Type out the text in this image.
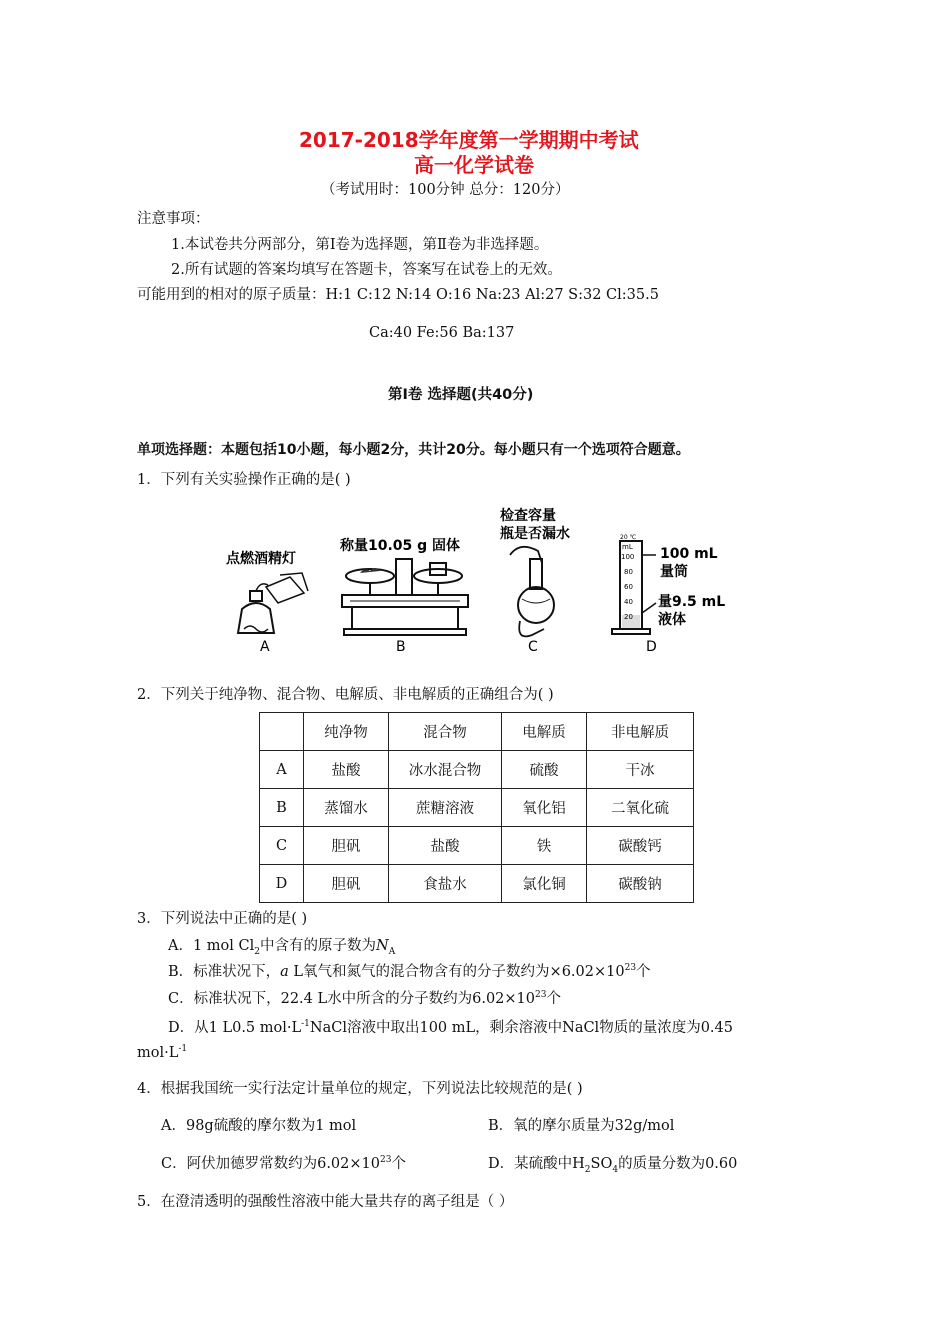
2017-2018学年度第一学期期中考试
高一化学试卷
（考试用时：100分钟 总分：120分）
注意事项：
1.本试卷共分两部分，第Ⅰ卷为选择题，第Ⅱ卷为非选择题。
2.所有试题的答案均填写在答题卡，答案写在试卷上的无效。
可能用到的相对的原子质量：H:1 C:12 N:14 O:16 Na:23 Al:27 S:32 Cl:35.5
Ca:40 Fe:56 Ba:137
第Ⅰ卷 选择题(共40分)
单项选择题：本题包括10小题，每小题2分，共计20分。每小题只有一个选项符合题意。
1．下列有关实验操作正确的是( )
点燃酒精灯
A
称量10.05 g 固体
B
检查容量
瓶是否漏水
C
20 ℃
mL
100
80
60
40
20
100 mL
量筒
量9.5 mL
液体
D
2．下列关于纯净物、混合物、电解质、非电解质的正确组合为( )
	纯净物	混合物	电解质	非电解质
A	盐酸	冰水混合物	硫酸	干冰
B	蒸馏水	蔗糖溶液	氧化铝	二氧化硫
C	胆矾	盐酸	铁	碳酸钙
D	胆矾	食盐水	氯化铜	碳酸钠
3．下列说法中正确的是( )
A．1 mol $Cl_2$中含有的原子数为$N_A$
B．标准状况下，a L氧气和氮气的混合物含有的分子数约为$\times 6.02\times 10^{23}$个
C．标准状况下，22.4 L水中所含的分子数约为$6.02\times 10^{23}$个
D．从1 L0.5 $mol\cdot L^{-1}NaCl$溶液中取出100 mL，剩余溶液中NaCl物质的量浓度为0.45
$mol\cdot L^{-1}$
4．根据我国统一实行法定计量单位的规定，下列说法比较规范的是( )
A．98g硫酸的摩尔数为1 mol	B．氧的摩尔质量为32g/mol
C．阿伏加德罗常数约为$6.02\times 10^{23}$个	D．某硫酸中$H_2SO_4$的质量分数为0.60
5．在澄清透明的强酸性溶液中能大量共存的离子组是（ ）
